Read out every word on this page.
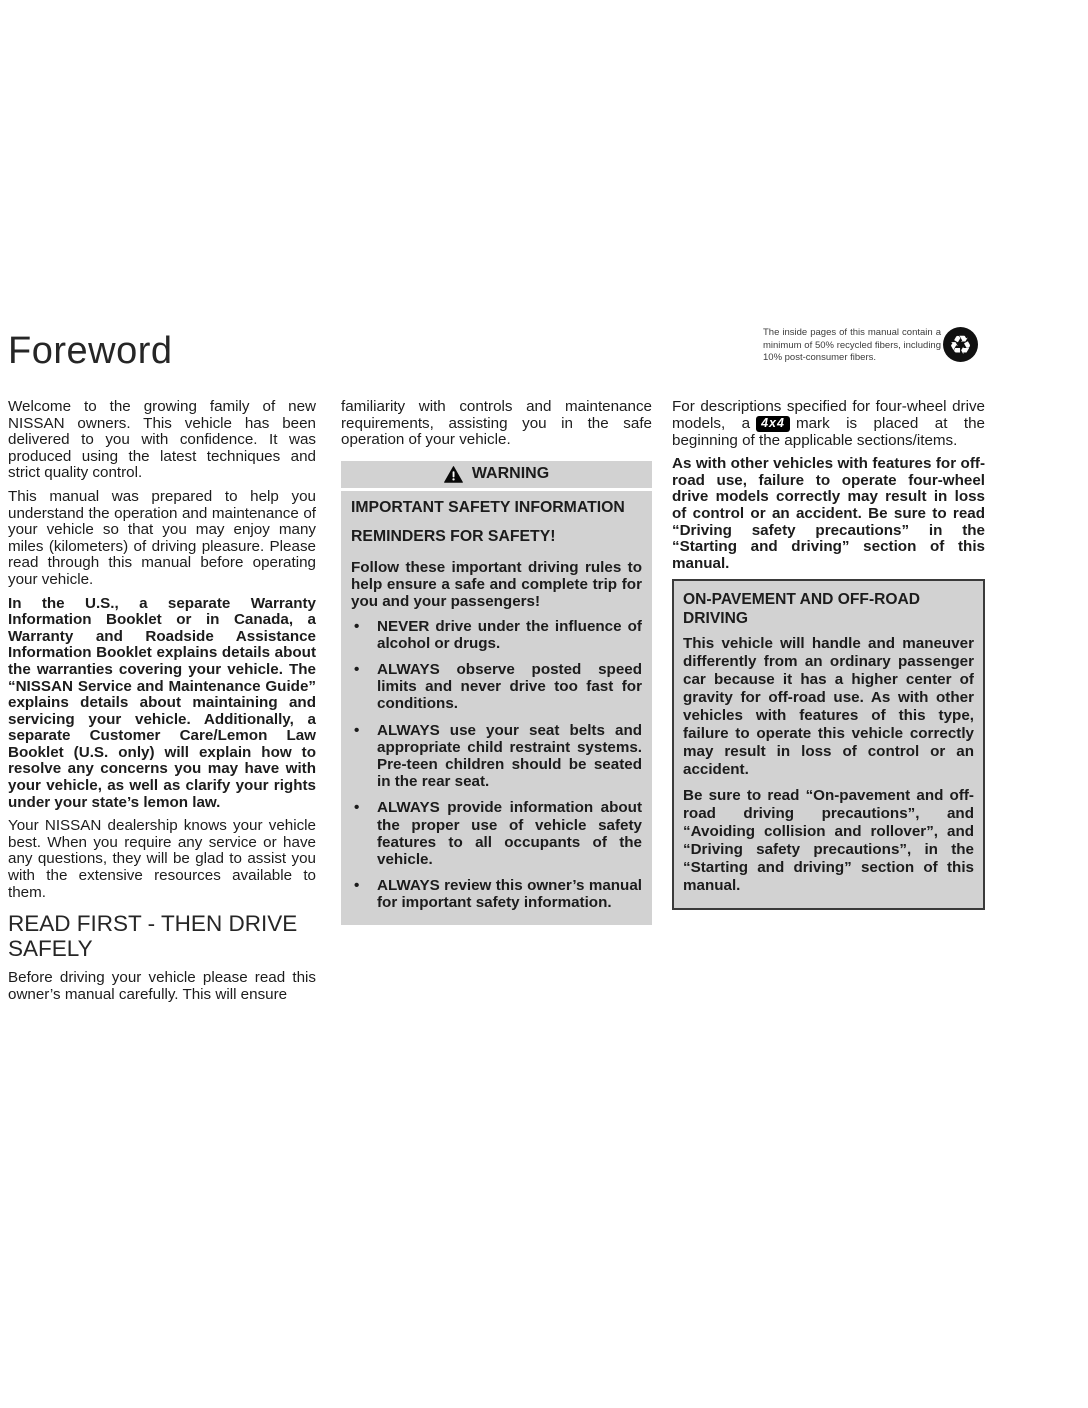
Foreword	The inside pages of this manual contain a minimum of 50% recycled fibers, including 10% post-consumer fibers.	♻

Welcome to the growing family of new NISSAN owners. This vehicle has been delivered to you with confidence. It was produced using the latest techniques and strict quality control.

This manual was prepared to help you understand the operation and maintenance of your vehicle so that you may enjoy many miles (kilometers) of driving pleasure. Please read through this manual before operating your vehicle.

In the U.S., a separate Warranty Information Booklet or in Canada, a Warranty and Roadside Assistance Information Booklet explains details about the warranties covering your vehicle. The “NISSAN Service and Maintenance Guide” explains details about maintaining and servicing your vehicle. Additionally, a separate Customer Care/Lemon Law Booklet (U.S. only) will explain how to resolve any concerns you may have with your vehicle, as well as clarify your rights under your state’s lemon law.

Your NISSAN dealership knows your vehicle best. When you require any service or have any questions, they will be glad to assist you with the extensive resources available to them.

READ FIRST - THEN DRIVE SAFELY

Before driving your vehicle please read this owner’s manual carefully. This will ensure

familiarity with controls and maintenance requirements, assisting you in the safe operation of your vehicle.

WARNING
IMPORTANT SAFETY INFORMATION
REMINDERS FOR SAFETY!

Follow these important driving rules to help ensure a safe and complete trip for you and your passengers!

•	NEVER drive under the influence of alcohol or drugs.
•	ALWAYS observe posted speed limits and never drive too fast for conditions.
•	ALWAYS use your seat belts and appropriate child restraint systems. Pre-teen children should be seated in the rear seat.
•	ALWAYS provide information about the proper use of vehicle safety features to all occupants of the vehicle.
•	ALWAYS review this owner’s manual for important safety information.

For descriptions specified for four-wheel drive models, a 4x4 mark is placed at the beginning of the applicable sections/items.

As with other vehicles with features for off-road use, failure to operate four-wheel drive models correctly may result in loss of control or an accident. Be sure to read “Driving safety precautions” in the “Starting and driving” section of this manual.

ON-PAVEMENT AND OFF-ROAD DRIVING

This vehicle will handle and maneuver differently from an ordinary passenger car because it has a higher center of gravity for off-road use. As with other vehicles with features of this type, failure to operate this vehicle correctly may result in loss of control or an accident.

Be sure to read “On-pavement and off-road driving precautions”, and “Avoiding collision and rollover”, and “Driving safety precautions”, in the “Starting and driving” section of this manual.
